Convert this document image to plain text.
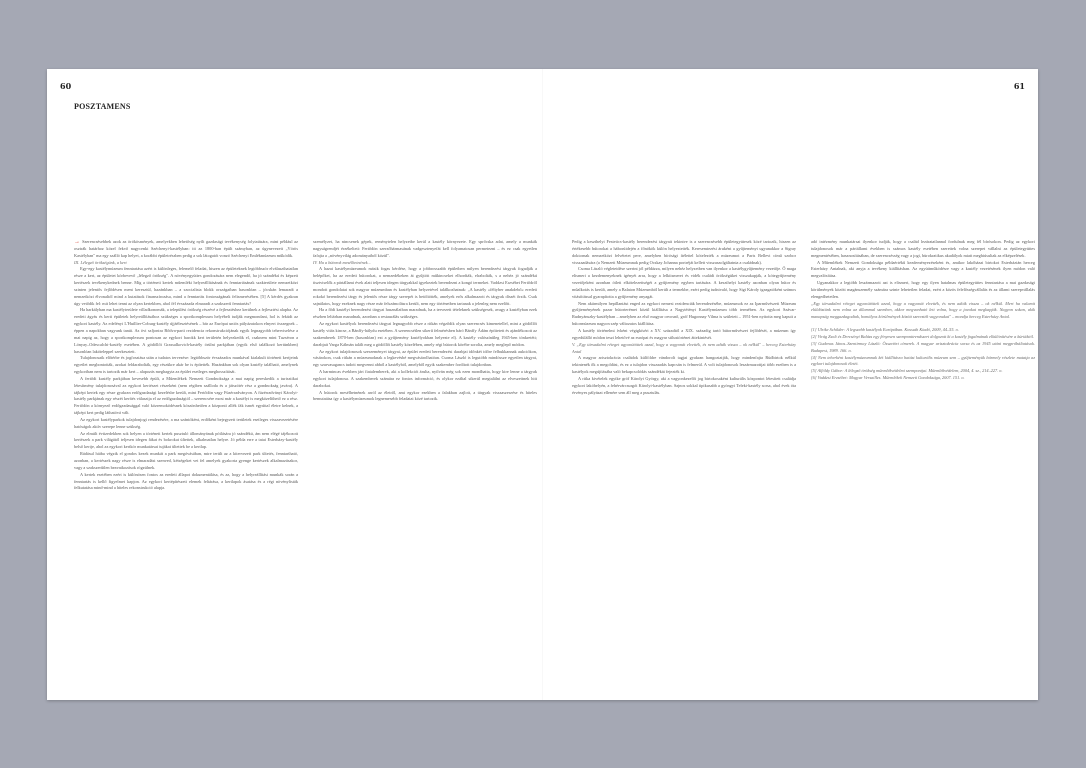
60	61
POSZTAMENS

→ Szerencsésebbek azok az örökösmények, amelyekben lehetőség nyílt gazdasági tevékenység folytatására, mint például az osztrák határhoz közel fekvő nagycenki Széchenyi-kastélyban: itt az 1800-ban épült számyban, az úgynevezett „Vörös Kastélyban" ma egy szálló kap helyet, a korábbi épületrészben pedig a sok látogatót vonzó Széchenyi Emlékmúzeum működik.

III. Lélegző örökségünk, a kert

Egy-egy kastélymúzeum fenntartása azért is különleges, felemelő feladat, hiszen az épületeknek legtöbbször elválaszthatatlan része a kert, az épületet körbevevő „lélegző örökség". A növényegyüttes gondozására nem elegendő, ha jó szándékú és képzett kertészek tevékenykednek benne. Míg a történeti kertek műemléki helyreállításának és fenntartásának szakterülete nemzetközi szinten jelentős fejlődésen ment keresztül, hazánkban – a szocialista blokk országaiban hasonlóan – jócskán lemaradt a nemzetközi élvonaltól mind a kutatások finanszírozása, mind a fenntartás fontosságának felismerésében. [5] A kérdés gyakran úgy vetődik fel: mit lehet tenni az olyan kertekben, ahol fél évszázada elmaradt a szakszerű fenntartás?

Ha harkályban ma kastélyterülete villadkonomák, a települési örökség részévé a fejlesztéshez kerülnek a fejlesztési alapba. Az eredeti ágyás és kerti épületek helyreállításához szükséges a sportkomplexum helyébeli tudják megmondani, hol is feküdt az egykori kastély. Az edelényi L'Huillier-Coburg-kastély újjáélesztésének – bár az Európai uniós pályázatokon elnyert összegnek – éppen a napokban vagyunk tanúi. Az övi szfjontra Bődva-parti rezidencia rekonstrukciójának egyik legnagyobb teherviselése a mai napig az, hogy a sportkomplexum pontosan az egykori barokk kert területén helyezkedik el, csaknem mint Tuzséron a Lónyay–Odescalchi-kastély esetében. A gödöllői Grassalkovich-kastély örülni parkjában (egyik első találkozó kertünkben) hasonlóan lakóteleppel szerkesztett.

Tulajdonosaik előtérbe és jogfosztása után a tudatos tervezése: legtöbbször évszázados munkával kialakult történeti kertjeink egyetlet megbontották, azokat feldarabolták, egy részükre akár be is építették. Hazánkban sok olyan kastély található, amelynek egykoriban nem is tartozik már kert – alapozás meghagyta az épület esetleges meghosszítását.

A fertődi kastély parkjában kevesebb épült, a Műemlékek Nemzeti Gondnoksága a mai napig pereskedik a turisztikai létesítmény tulajdonosával az egykori kertészet részeként (nem régiben szálloda és a játszótér rész a gondnokság javára). A tájképi kertek egy része gyakran erdőgazdasági kezelésbe került, mint Fertődön vagy Füzérradványon. A füzérradványi Károlyi-kastély parkjának egy részét kerítés választja el az erdőgazdaságtól – szerencsére most már a kastélyt is megközelíthető ez a rész. Fertődön a környező erdőgazdasággal való közremoködésnek köszönhetően a központi allék fák ismét egyúttal életre kelnek, a tájképi kert pedig láthatóvá vált.

Az egykori kastélyparkok tulajdonjogi rendezésére, a ma szántóként, erdőként bejegyzett területek esetleges visszavezetésére hatóságok aktív szerepe lenne szükség.

Az elmúlt évtizedekben sok helyen a történeti kertek pusztuló állományának pótlására jó szándékú, ám nem elégé tájékozott kertészek a park világától teljesen idegen fákat és bokrokat ültettek, alkalmatlan helyre. Jó példa erre a tatai Esterházy-kastély belső kertje, ahol az egykori kertkör munkatársai tujákat ültettek be a kertlap.

Rádásul hiába végzik el gondos kezek munkát a park megóvásában, mire terült az a kitervezett park ültetés, fenntartható, azonban, a kertészek nagy része is elmaradást szenved, kétségeket vet fel amelyek gyakorta gyenge kertészek alkalmazásakor, vagy a szakszerűtlen beavatkozások rögzülnek.

A kertek esetében ezért is különösen fontos az eredeti állapot dokumentálása, és az, hogy a helyreállítási munkák során a fenntartás is kellő figyelmet kapjon. Az egykori kertépítészeti elemek feltárása, a kertlapok ásatása és a régi növénylisták felkutatása mind-mind a hiteles rekonstrukció alapja.

személyzet, ha nincsenek gépek, reménytelen helyzetbe kerül a kastély környezete. Egy sprőcska adat, amely a munkák nagyságrendjét érzékelteti: Fertődön szerzőhármasának vadgesztenyefát kell folyamatosan permetezni – és ez csak egyetlen fafajta a „növényvilág adományaiból közül".

IV. Ha a bútorok mesélhetnének...

A hazai kastélymúzeumok másik fogas kérdése, hogy a jobbrosszabb épületben milyen berendezési tárgyak fogadják a belépőket, ha az eredeti bútorokat, a nemzedékeken át gyűjtött műkincseket elhordták, elrabolták, s a nehéz jó szándékú tisztviselők a pártállami évek alatt teljesen idegen tárgyakkal igyekeztek berendezni a kongó termeket. Vaddzsi Erzsébet Fertődről mondott gondolatai sok magyar múzeumban és kastélyban helyzetével találkozhatnak: „A kastély »féltyber anakdebő« eredeti rokokó berendezési tárgy és jelentős része tárgy szerepét is betöltötték, amelyek erős alkalmazott és tárgyak díszét őrzik. Csak sajnálatos, hogy ezeknek nagy része már felszámolásra került, nem egy történetben tartanak a jelenleg nem ezelőtt.

Ha a fődi kastélyt berendezési tárgyai használatban maradnak, ha a tervezett tételeknek szükségesek, avagy a kastélyban ezek részben leltárban maradnak, azonban a restaurálás szükséges.

Az egykori kastélyok berendezési tárgyai legnagyobb része a ritkán végződik olyan szerencsés kimenetellel, mint a gödöllői kastély vitás kincse, a Bánffy-hálydu esetében. A szerencsétlen sikerű felmérésben báró Bánffy Ádám építtetett és ajándékozott az szakemberek 1870-ben (hasonlóan) ezt a gyűjtemény kastélyokban helyezte el). A kastély valószínűleg 1945-ben tönkretétt; darabjait Varga Kálmán talált meg a gödöllői kastély közelében, amely régi bútorok körébe sorolta, amely meglepő módon.

Az egykori tulajdonosok szerzeményei tárgyai, az épület eredeti berendezési darabjai időnkét időre felbukkannak aukciókon, vásárokon, csak ritkán a múzeumoknak a legkevésbé megvásárolhatóan. Csoma László is legutóbb mindössze egyetlen tárgyat, egy szarvasagancs tudott megvenni abból a kastélyból, amelyből egyik szakember fordított tulajdonban.

A harmincas években járt fiatalemberek, aki a kollekciót árulta, nyilván még sok ezen mondhatta, hogy kire lenne a tárgyak egykori tulajdonosa. A szakemberek számára ez fontos információ, és olykor ezáltal sikerül megtalálni az elveszettnek hitt darabokat.

A bútorok mesélhetnének arról az életről, ami egykor ezekben a falakban zajlott, a tárgyak visszaszerzése és hiteles bemutatása így a kastélymúzeumok legnemesebb feladatai közé tartozik.

Pedig a keszthelyi Festetics-kastély berendezési tárgyait tekintve is a szerencsésebb épületegyütesek közé tartozik, hiszen az értékesebb bútorokat a háborúidején a főnökök külön helyeztették. Keresemtezési áruként a gyűjteményt ugyanakkor a Sigray doktornak nemzetközi felvétetet pere, amelyben bírósági ítélettel kötelezték a múzeumot a Paris Bellevi című szobor visszaadására (a Nemzeti Múzeumnak pedig Ocskay Johanna portréját kellett visszaszolgáltatnia a családnak).

Csoma László végleteidése szerint jól példázza, milyen nehéz helyzetben van ilyenkor a kastélygyűjtemény vezetője. Ő maga elismeri a kezdemenyeknek igényét arra, hogy a lelkiismeret és vidék családi örökségüket visszakapják, a kötegyűjtemény vezetőjeként azonban ötleti elkötelezettségét a gyűjtemény egyben tartására. A keszthelyi kastély azonban olyan bútor és műalkotás is került, amely a Balaton Múzeumból került a termekbe, ezért pedig tudnivaló, hogy Sigi Károly igazgatóként számos vitásíttással gyarapította a gyűjtemény anyagát.

Nem akármilyen hepillantást enged az egykori nemesi rezidenciák berendezésébe, múzeumok ez az Iparművészeti Múzeum gyűjteményének pazar bútorterémei közül kiállítása a Nagytétényi Kastélymúzeum több termében. Az egykori Szávar-Rudnyánszky-kastélyban – amelyben az első magyar orvosnő, gróf Hugonnay Vilma is született – 1951-ben nyitotta meg kapuit a bútormúzeum nagyon szép változatos kiállítása.

A kastély történelmi ívként végigkíséri a XV. századtól a XIX. századig tartó bútorművészet fejlődését, a múzeum így egyedülálló módon teszi lehetővé az európai és magyar stílustörténet áttekintését.

V. „Egy társadalmi réteget agyonütöttek azzal, hogy a vagyonát elvették, és nem adták vissza – ok nélkül" – herceg Esterházy Antal

A magyar arisztokrácia családok külföldre vándorolt tagjai gyakran hangoztatják, hogy mindenfajta Rüdbirtok nélkül tekintenék ők a megoldást, és ez a tulajdon visszaadás kapcsán is felmerül. A volt tulajdonosok leszármazottjai több esetben is a kastélyok megújításába való bekapcsolódás szándékát fejezték ki.

A ritka kivételek egyike gróf Károlyi György, aki a vagyonkezelői jog birtokosaként kulturális központot létesített családja egykori lakóhelyén, a fehérvárcsurgói Károlyi-kastélyban. Sajnos sokkal tipikusabb a gyöngyi Teleki-kastély sorsa, ahol évek óta érvényes pályázat ellenére sem áll meg a pusztulás.

adó intézmény munkatársai ilyenkor tudják, hogy a család lezáratatlannal fordulnak meg fél bírósokon. Pedig az egykori tulajdonosok már a pártállami években is számos kastély esetében szerettek volna szerepet vállalni az épületegyüttes megmentésében, hasznosításában, de szerencsésség vagy a jogi, bürokratikus akadályok miatt meghiúsultak az elképzelések.

A Műemlékek Nemzeti Gondoksága példaértékű kezdeményezéseként és, amikor lakóházai birtokot Esterházián herceg Esterházy Antalnak, aki anyja a tevékeny kiállításban. Az együttműködésre vagy a kastély vezetésének ilyen módon való megvalósítása.

Ugyanakkor a legtöbb leszármazott azt is elismeri, hogy egy ilyen hatalmas épületegyüttes fenntartása a mai gazdasági körülmények között magánszemély számára szinte lehetetlen feladat, ezért a közös felelősségvállalás és az állami szerepvállalás elengedhetetlen.

„Egy társadalmi réteget agyonütöttek azzal, hogy a vagyonát elvették, és nem adták vissza – ok nélkül. Mert ha valamit elüldöztünk nem volna az állammal szemben, akkor megvanható lett volna, hogy a javakat megkapják. Nagyon sokan, akik manapság meggazdagodtak, homályos körülmények között szerezték vagyonukat" – mondja herceg Esterházy Antal.

[1] Ulrike Schilder: A legszebb kastélyok Európában. Kossuth Kiadó, 2009, 44–55. o.

[2] Virág Zsolt és Dercsényi Balázs egy fényesen szemponttrendszert dolgozott ki a kastély fogalmának elkülönítésére a kúriáktól.

[3] Gudenus János–Szentirmay László: Összetört címerek. A magyar arisztokrácia sorsa és az 1945 utáni megpróbáltatások. Budapest, 1989. 166. o.

[4] Nem teherként kastélymúzeumnak két kiállításra hatást kulturális múzeum sem – gyűjteményük bármely részlete mutatja az egykori tulajdonosok életét.

[5] Alföldy Gábor: A lélegző örökség műemlékvédelmi szempontjai. Műemlékvédelem, 2004, 4. sz., 214–227. o.

[6] Vaddzsi Erzsébet: Magyar Versailles. Műemlékek Nemzeti Gondoksága, 2007. 151. o.
